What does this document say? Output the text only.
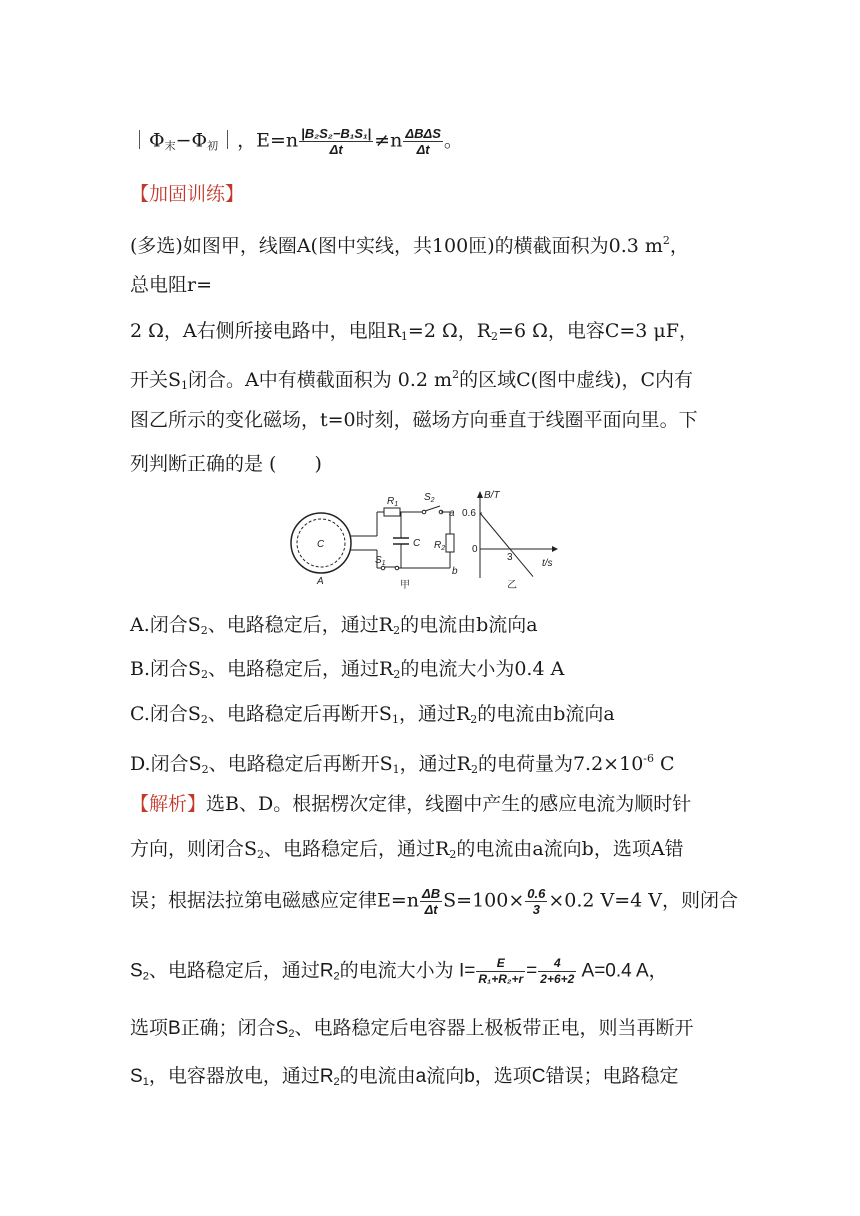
$|\Phi_末-\Phi_初|$，$E=n \frac{\text{|B₂S₂−B₁S₁|}}{\Delta t} \ne n \frac{\text{ΔBΔS}}{\Delta t}$ 。
【加固训练】
(多选)如图甲，线圈A(图中实线，共100匝)的横截面积为0.3 $m^2$，
总电阻r=
2 Ω，A右侧所接电路中，电阻$R_1=2$ Ω，$R_2=6$ Ω，电容C=3 μF，
开关$S_1$闭合。A中有横截面积为 0.2 $m^2$的区域C(图中虚线)，C内有
图乙所示的变化磁场，t=0时刻，磁场方向垂直于线圈平面向里。下
列判断正确的是 (　　)
C
A
$R_1$
$S_2$
a
$R_2$
b
C
$S_1$
甲
0.6
0
3
B/T
t/s
乙
A.闭合$S_2$、电路稳定后，通过$R_2$的电流由b流向a
B.闭合$S_2$、电路稳定后，通过$R_2$的电流大小为0.4 A
C.闭合$S_2$、电路稳定后再断开$S_1$，通过$R_2$的电流由b流向a
D.闭合$S_2$、电路稳定后再断开$S_1$，通过$R_2$的电荷量为$7.2\times 10^{-6}$ C
【解析】选B、D。根据楞次定律，线圈中产生的感应电流为顺时针
方向，则闭合$S_2$、电路稳定后，通过$R_2$的电流由a流向b，选项A错
误；根据法拉第电磁感应定律$E=n \frac{\Delta B}{\Delta t} S=100\times \frac{0.6}{3} \times 0.2$ V=4 V，则闭合
$S_2$、电路稳定后，通过$R_2$的电流大小为 $I= \frac{E}{\text{R₁+R₂+r}} = \frac{4}{2+6+2} A=0.4$ A，
选项B正确；闭合$S_2$、电路稳定后电容器上极板带正电，则当再断开
$S_1$，电容器放电，通过$R_2$的电流由a流向b，选项C错误；电路稳定
